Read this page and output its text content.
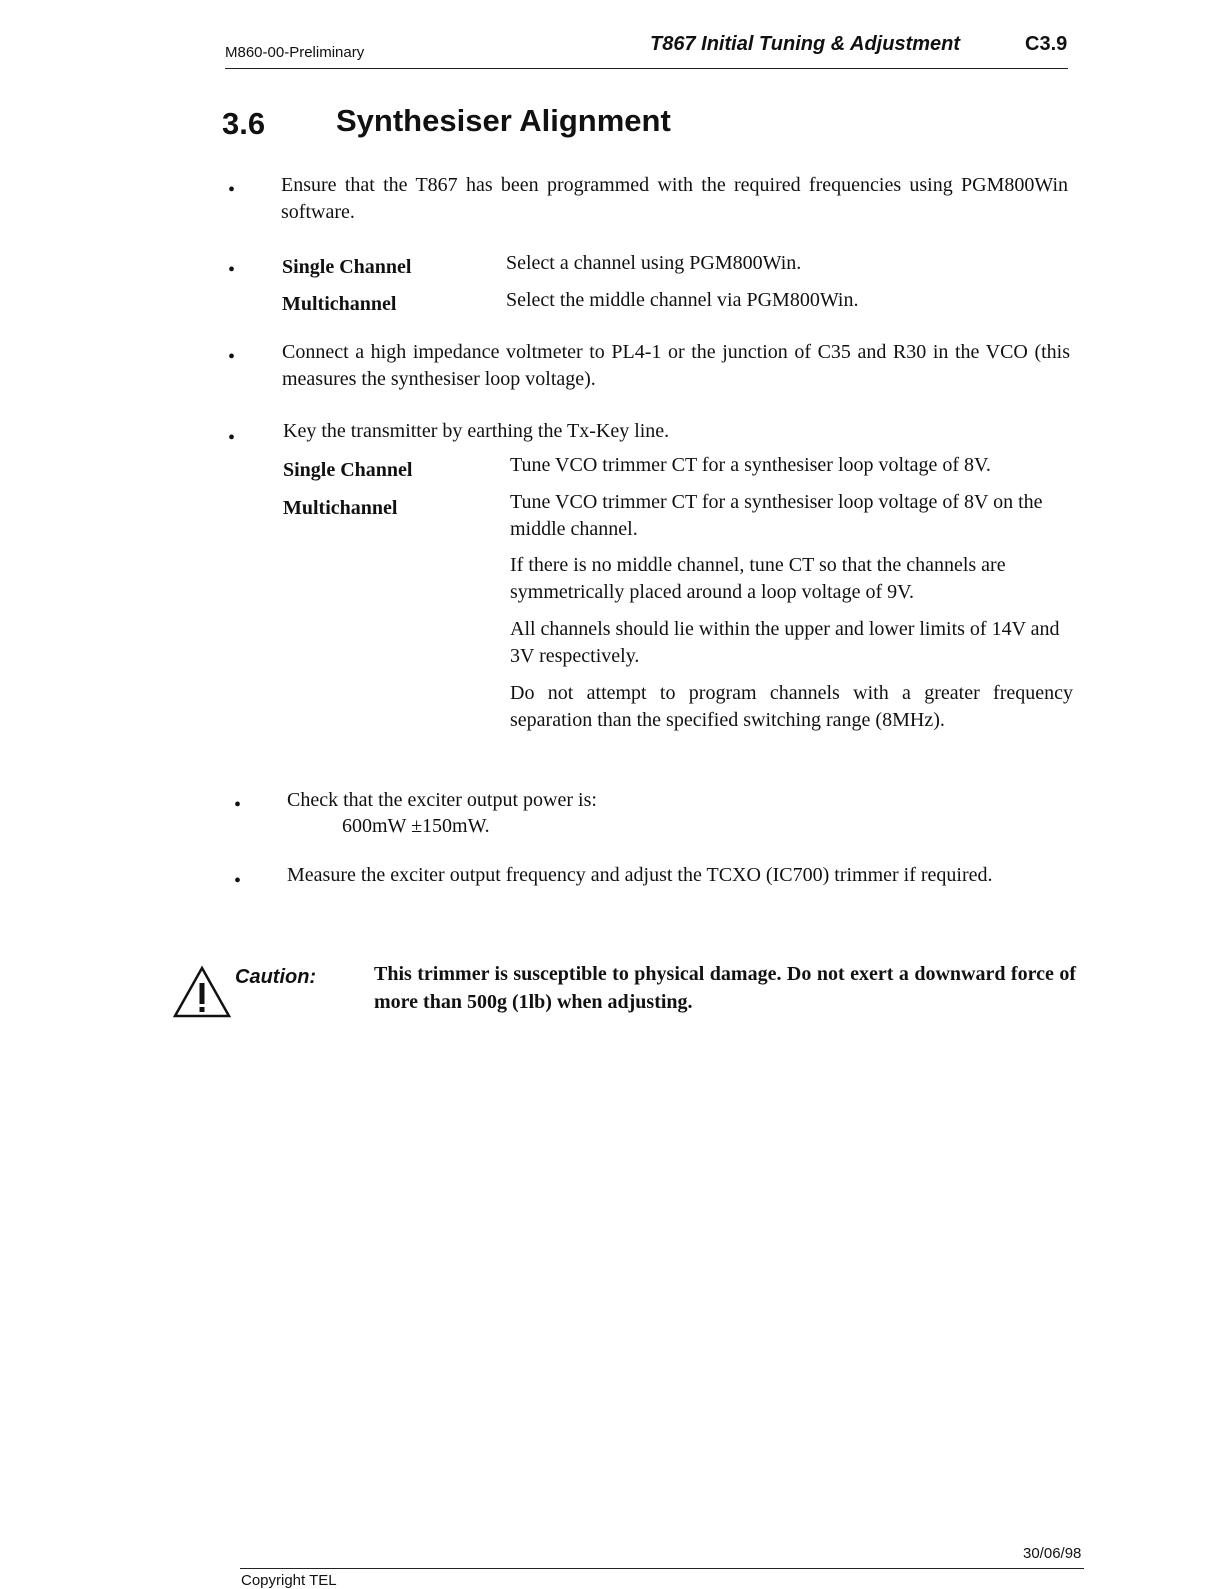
M860-00-Preliminary	T867 Initial Tuning & Adjustment	C3.9
3.6 Synthesiser Alignment
• Ensure that the T867 has been programmed with the required frequencies using PGM800Win software.
• Single Channel	Select a channel using PGM800Win.
Multichannel	Select the middle channel via PGM800Win.
• Connect a high impedance voltmeter to PL4-1 or the junction of C35 and R30 in the VCO (this measures the synthesiser loop voltage).
• Key the transmitter by earthing the Tx-Key line.
Single Channel	Tune VCO trimmer CT for a synthesiser loop voltage of 8V.
Multichannel	Tune VCO trimmer CT for a synthesiser loop voltage of 8V on the middle channel.
If there is no middle channel, tune CT so that the channels are symmetrically placed around a loop voltage of 9V.
All channels should lie within the upper and lower limits of 14V and 3V respectively.
Do not attempt to program channels with a greater frequency separation than the specified switching range (8MHz).
• Check that the exciter output power is:
600mW ±150mW.
• Measure the exciter output frequency and adjust the TCXO (IC700) trimmer if required.
Caution:	This trimmer is susceptible to physical damage. Do not exert a downward force of more than 500g (1lb) when adjusting.
30/06/98
Copyright TEL
